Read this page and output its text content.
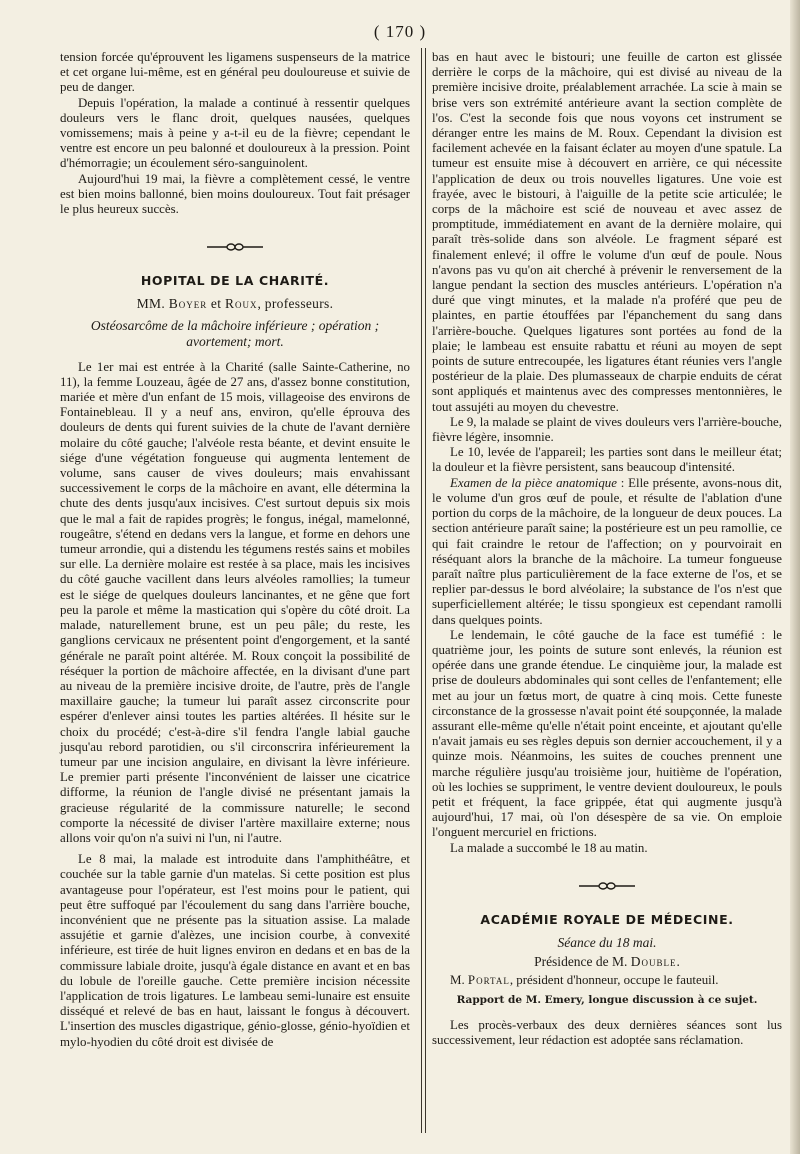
( 170 )

tension forcée qu'éprouvent les ligamens suspenseurs de la matrice et cet organe lui-même, est en général peu douloureuse et suivie de peu de danger.

Depuis l'opération, la malade a continué à ressentir quelques douleurs vers le flanc droit, quelques nausées, quelques vomissemens; mais à peine y a-t-il eu de la fièvre; cependant le ventre est encore un peu balonné et douloureux à la pression. Point d'hémorragie; un écoulement séro-sanguinolent.

Aujourd'hui 19 mai, la fièvre a complètement cessé, le ventre est bien moins ballonné, bien moins douloureux. Tout fait présager le plus heureux succès.

HOPITAL DE LA CHARITÉ.
MM. Boyer et Roux, professeurs.
Ostéosarcôme de la mâchoire inférieure ; opération ; avortement; mort.

Le 1er mai est entrée à la Charité (salle Sainte-Catherine, no 11), la femme Louzeau, âgée de 27 ans, d'assez bonne constitution, mariée et mère d'un enfant de 15 mois, villageoise des environs de Fontainebleau. Il y a neuf ans, environ, qu'elle éprouva des douleurs de dents qui furent suivies de la chute de l'avant dernière molaire du côté gauche; l'alvéole resta béante, et devint ensuite le siége d'une végétation fongueuse qui augmenta lentement de volume, sans causer de vives douleurs; mais envahissant successivement le corps de la mâchoire en avant, elle détermina la chute des dents jusqu'aux incisives. C'est surtout depuis six mois que le mal a fait de rapides progrès; le fongus, inégal, mamelonné, rougeâtre, s'étend en dedans vers la langue, et forme en dehors une tumeur arrondie, qui a distendu les tégumens restés sains et mobiles sur elle. La dernière molaire est restée à sa place, mais les incisives du côté gauche vacillent dans leurs alvéoles ramollies; la tumeur est le siége de quelques douleurs lancinantes, et ne gêne que fort peu la parole et même la mastication qui s'opère du côté droit. La malade, naturellement brune, est un peu pâle; du reste, les ganglions cervicaux ne présentent point d'engorgement, et la santé générale ne paraît point altérée. M. Roux conçoit la possibilité de réséquer la portion de mâchoire affectée, en la divisant d'une part au niveau de la première incisive droite, de l'autre, près de l'angle maxillaire gauche; la tumeur lui paraît assez circonscrite pour espérer d'enlever ainsi toutes les parties altérées. Il hésite sur le choix du procédé; c'est-à-dire s'il fendra l'angle labial gauche jusqu'au rebord parotidien, ou s'il circonscrira inférieurement la tumeur par une incision angulaire, en divisant la lèvre inférieure. Le premier parti présente l'inconvénient de laisser une cicatrice difforme, la réunion de l'angle divisé ne présentant jamais la gracieuse régularité de la commissure naturelle; le second comporte la nécessité de diviser l'artère maxillaire externe; nous allons voir qu'on n'a suivi ni l'un, ni l'autre.

Le 8 mai, la malade est introduite dans l'amphithéâtre, et couchée sur la table garnie d'un matelas. Si cette position est plus avantageuse pour l'opérateur, est l'est moins pour le patient, qui peut être suffoqué par l'écoulement du sang dans l'arrière bouche, inconvénient que ne présente pas la situation assise. La malade assujétie et garnie d'alèzes, une incision courbe, à convexité inférieure, est tirée de huit lignes environ en dedans et en bas de la commissure labiale droite, jusqu'à égale distance en avant et en bas du lobule de l'oreille gauche. Cette première incision nécessite l'application de trois ligatures. Le lambeau semi-lunaire est ensuite disséqué et relevé de bas en haut, laissant le fongus à découvert. L'insertion des muscles digastrique, génio-glosse, génio-hyoïdien et mylo-hyodien du côté droit est divisée de

bas en haut avec le bistouri; une feuille de carton est glissée derrière le corps de la mâchoire, qui est divisé au niveau de la première incisive droite, préalablement arrachée. La scie à main se brise vers son extrémité antérieure avant la section complète de l'os. C'est la seconde fois que nous voyons cet instrument se déranger entre les mains de M. Roux. Cependant la division est facilement achevée en la faisant éclater au moyen d'une spatule. La tumeur est ensuite mise à découvert en arrière, ce qui nécessite l'application de deux ou trois nouvelles ligatures. Une voie est frayée, avec le bistouri, à l'aiguille de la petite scie articulée; le corps de la mâchoire est scié de nouveau et avec assez de promptitude, immédiatement en avant de la dernière molaire, qui paraît très-solide dans son alvéole. Le fragment séparé est finalement enlevé; il offre le volume d'un œuf de poule. Nous n'avons pas vu qu'on ait cherché à prévenir le renversement de la langue pendant la section des muscles antérieurs. L'opération n'a duré que vingt minutes, et la malade n'a proféré que peu de plaintes, en partie étouffées par l'épanchement du sang dans l'arrière-bouche. Quelques ligatures sont portées au fond de la plaie; le lambeau est ensuite rabattu et réuni au moyen de sept points de suture entrecoupée, les ligatures étant réunies vers l'angle postérieur de la plaie. Des plumasseaux de charpie enduits de cérat sont appliqués et maintenus avec des compresses mentonnières, le tout assujéti au moyen du chevestre.

Le 9, la malade se plaint de vives douleurs vers l'arrière-bouche, fièvre légère, insomnie.

Le 10, levée de l'appareil; les parties sont dans le meilleur état; la douleur et la fièvre persistent, sans beaucoup d'intensité.

Examen de la pièce anatomique : Elle présente, avons-nous dit, le volume d'un gros œuf de poule, et résulte de l'ablation d'une portion du corps de la mâchoire, de la longueur de deux pouces. La section antérieure paraît saine; la postérieure est un peu ramollie, ce qui fait craindre le retour de l'affection; on y pourvoirait en réséquant alors la branche de la mâchoire. La tumeur fongueuse paraît naître plus particulièrement de la face externe de l'os, et se replier par-dessus le bord alvéolaire; la substance de l'os n'est que superficiellement altérée; le tissu spongieux est cependant ramolli dans quelques points.

Le lendemain, le côté gauche de la face est tuméfié : le quatrième jour, les points de suture sont enlevés, la réunion est opérée dans une grande étendue. Le cinquième jour, la malade est prise de douleurs abdominales qui sont celles de l'enfantement; elle met au jour un fœtus mort, de quatre à cinq mois. Cette funeste circonstance de la grossesse n'avait point été soupçonnée, la malade assurant elle-même qu'elle n'était point enceinte, et ajoutant qu'elle n'avait jamais eu ses règles depuis son dernier accouchement, il y a quinze mois. Néanmoins, les suites de couches prennent une marche régulière jusqu'au troisième jour, huitième de l'opération, où les lochies se suppriment, le ventre devient douloureux, le pouls petit et fréquent, la face grippée, état qui augmente jusqu'à aujourd'hui, 17 mai, où l'on désespère de sa vie. On emploie l'onguent mercuriel en frictions.

La malade a succombé le 18 au matin.

ACADÉMIE ROYALE DE MÉDECINE.
Séance du 18 mai.
Présidence de M. Double.

M. Portal, président d'honneur, occupe le fauteuil.

Rapport de M. Emery, longue discussion à ce sujet.

Les procès-verbaux des deux dernières séances sont lus successivement, leur rédaction est adoptée sans réclamation.
